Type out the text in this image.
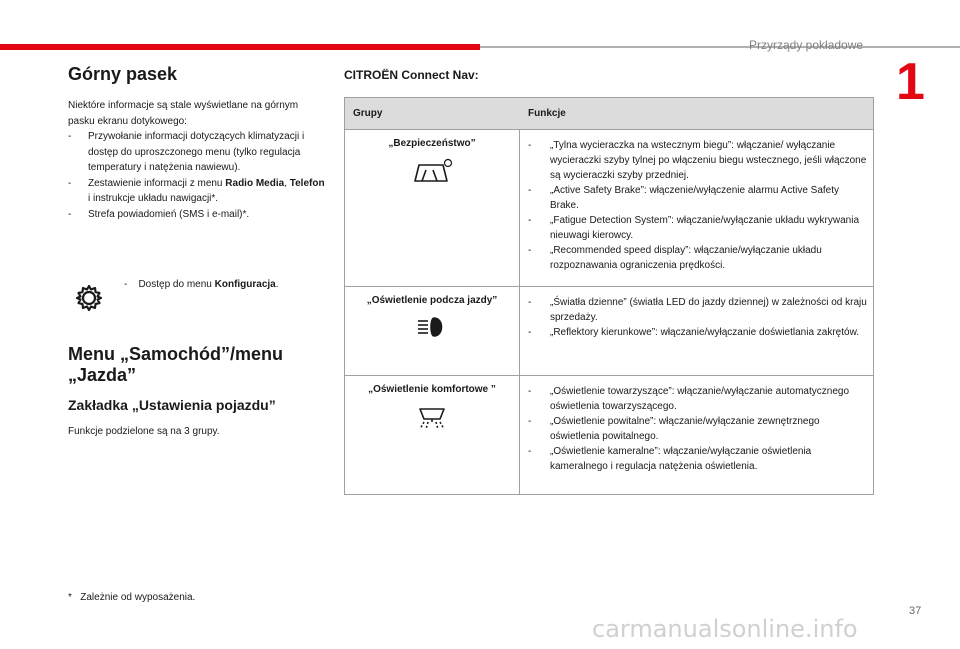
Przyrządy pokładowe
1
Górny pasek
Niektóre informacje są stale wyświetlane na górnym pasku ekranu dotykowego:
- Przywołanie informacji dotyczących klimatyzacji i dostęp do uproszczonego menu (tylko regulacja temperatury i natężenia nawiewu).
- Zestawienie informacji z menu Radio Media, Telefon i instrukcje układu nawigacji*.
- Strefa powiadomień (SMS i e-mail)*.
-    Dostęp do menu Konfiguracja.
Menu „Samochód”/menu „Jazda”
Zakładka „Ustawienia pojazdu”
Funkcje podzielone są na 3 grupy.
* Zależnie od wyposażenia.
CITROËN Connect Nav:
Grupy	Funkcje
„Bezpieczeństwo”	- „Tylna wycieraczka na wstecznym biegu”: włączanie/ wyłączanie wycieraczki szyby tylnej po włączeniu biegu wstecznego, jeśli włączone są wycieraczki szyby przedniej.
- „Active Safety Brake”: włączenie/wyłączenie alarmu Active Safety Brake.
- „Fatigue Detection System”: włączanie/wyłączanie układu wykrywania nieuwagi kierowcy.
- „Recommended speed display”: włączanie/wyłączanie układu rozpoznawania ograniczenia prędkości.
„Oświetlenie podcza jazdy”	- „Światła dzienne” (światła LED do jazdy dziennej) w zależności od kraju sprzedaży.
- „Reflektory kierunkowe”: włączanie/wyłączanie doświetlania zakrętów.
„Oświetlenie komfortowe ”	- „Oświetlenie towarzyszące”: włączanie/wyłączanie automatycznego oświetlenia towarzyszącego.
- „Oświetlenie powitalne”: włączanie/wyłączanie zewnętrznego oświetlenia powitalnego.
- „Oświetlenie kameralne”: włączanie/wyłączanie oświetlenia kameralnego i regulacja natężenia oświetlenia.
37
carmanualsonline.info
